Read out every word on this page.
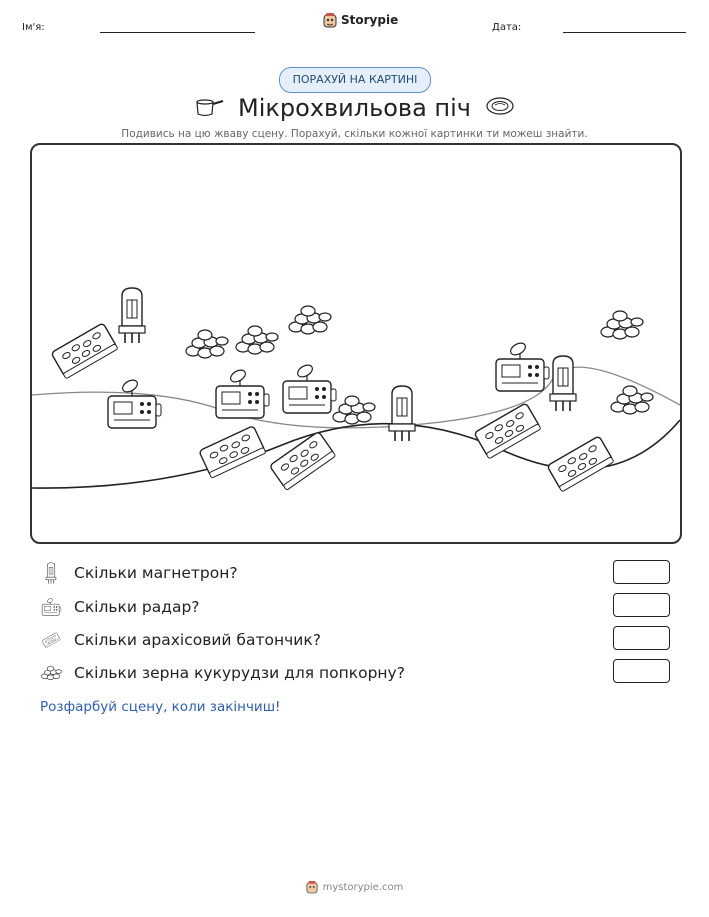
Ім'я:
Storypie
Дата:
ПОРАХУЙ НА КАРТИНІ
Мікрохвильова піч
Подивись на цю жваву сцену. Порахуй, скільки кожної картинки ти можеш знайти.
Скільки магнетрон?
Скільки радар?
Скільки арахісовий батончик?
Скільки зерна кукурудзи для попкорну?
Розфарбуй сцену, коли закінчиш!
mystorypie.com
